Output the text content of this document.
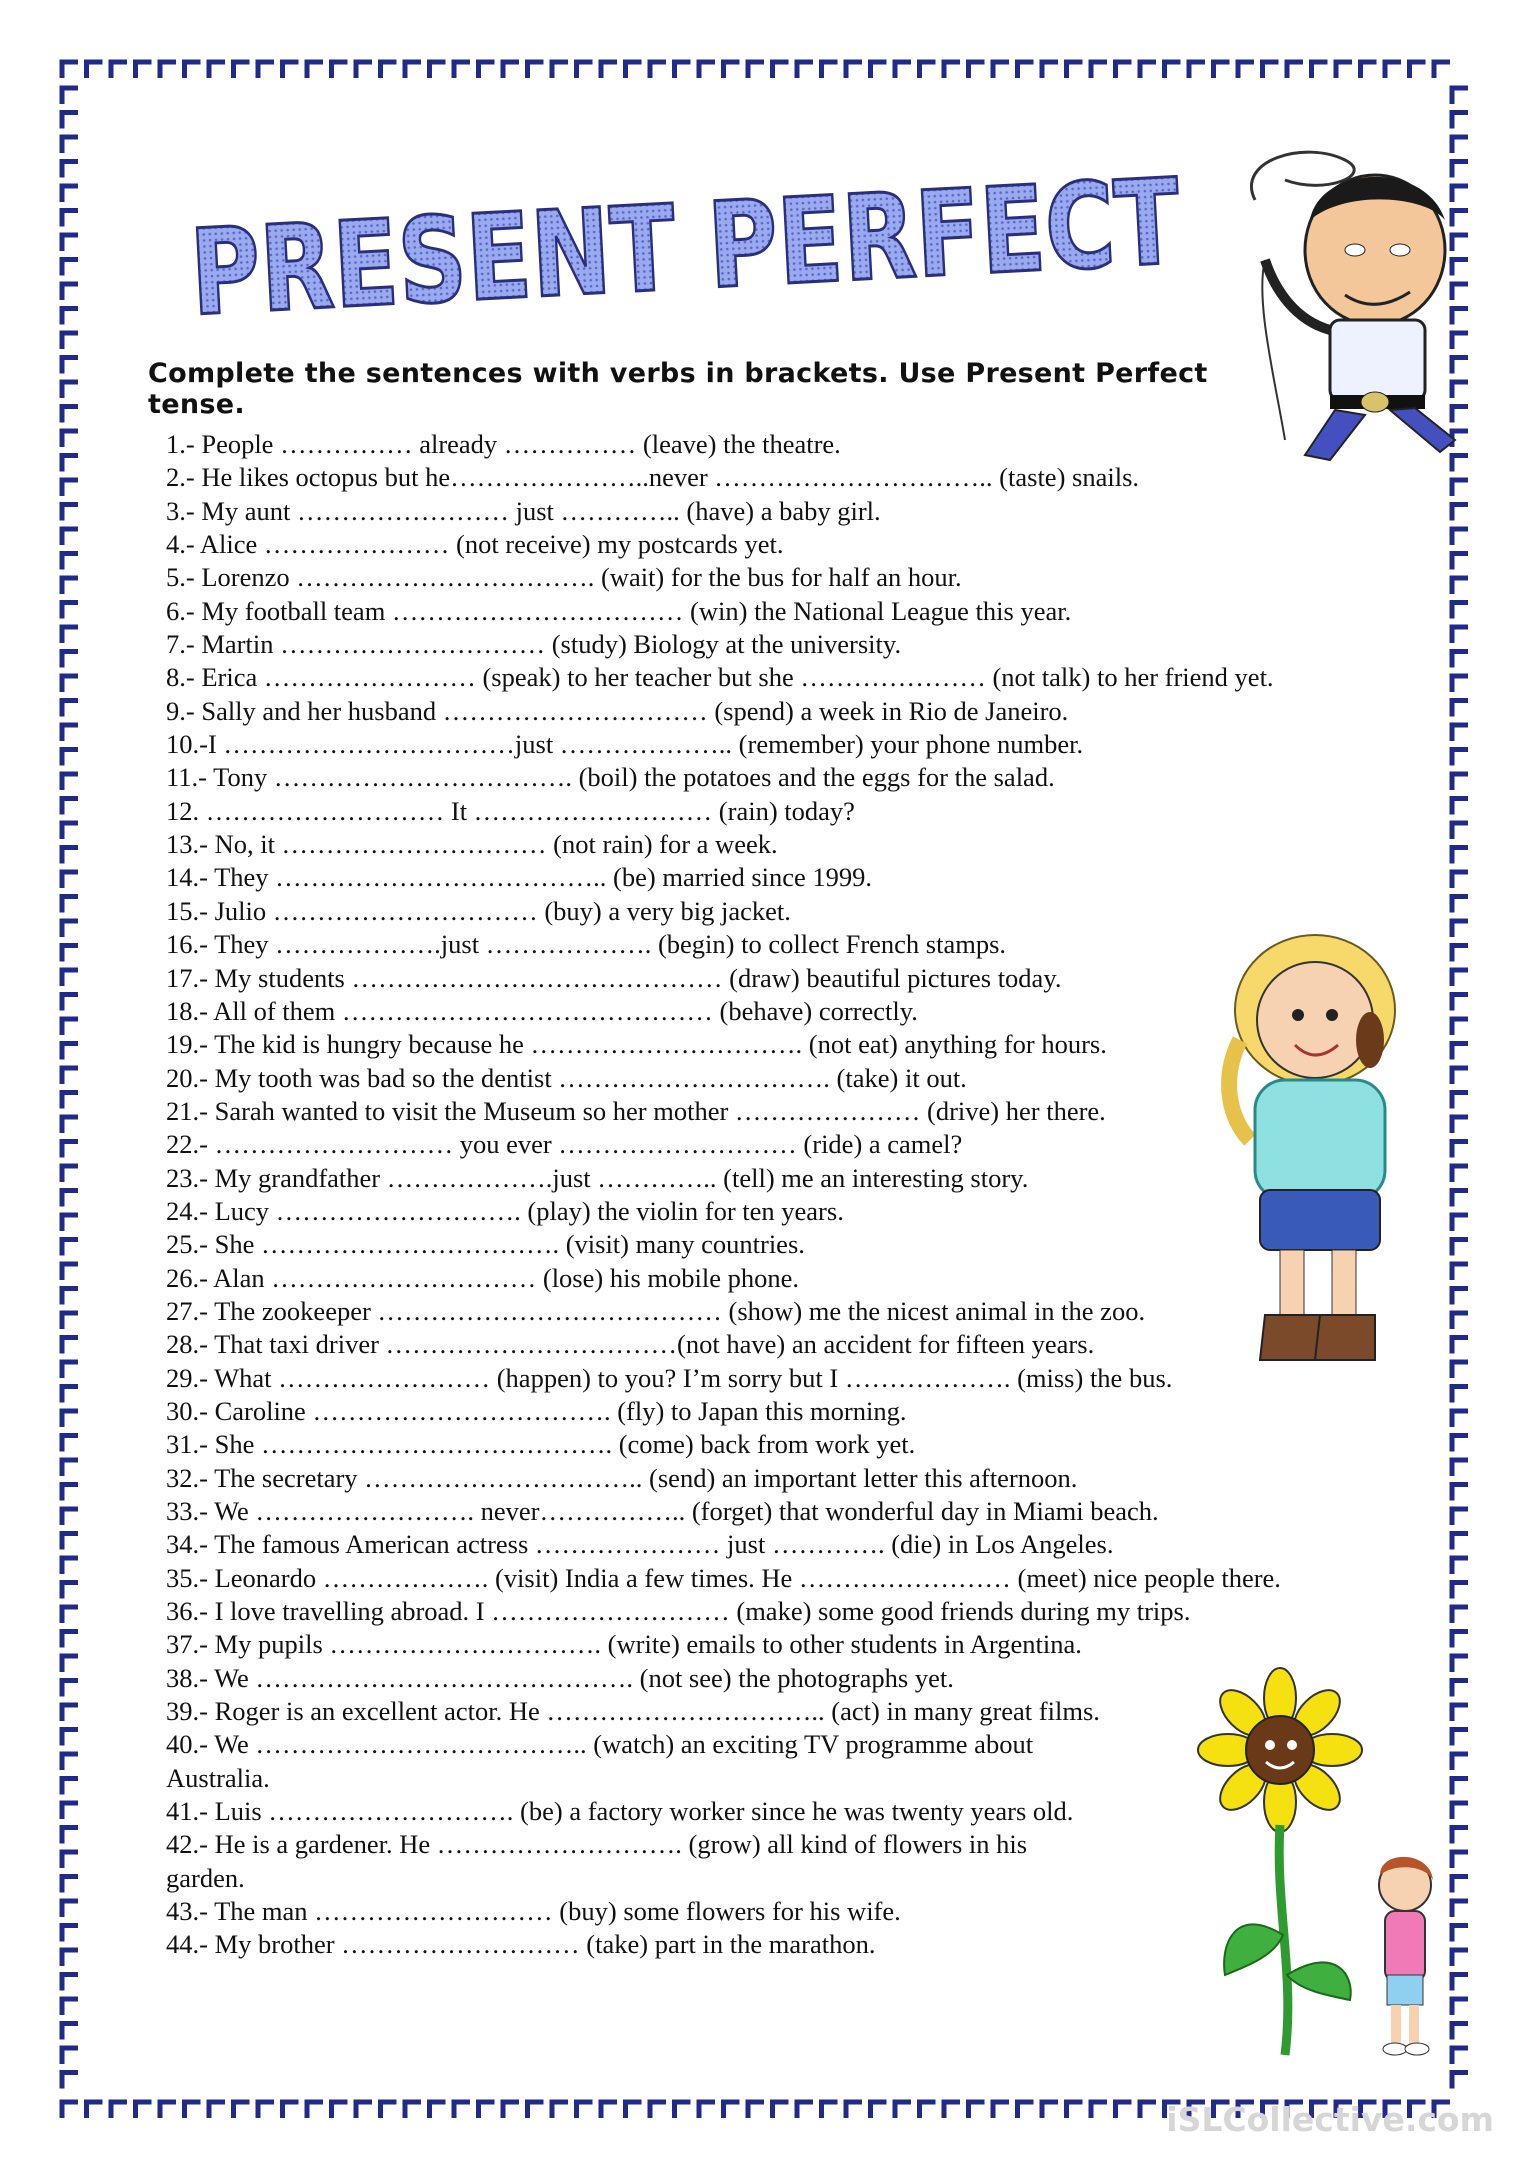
PRESENT PERFECT
Complete the sentences with verbs in brackets. Use Present Perfect tense.
1.- People …………… already …………… (leave) the theatre.
2.- He likes octopus but he…………………..never ………………………….. (taste) snails.
3.- My aunt …………………… just ………….. (have) a baby girl.
4.- Alice ………………… (not receive) my postcards yet.
5.- Lorenzo ……………………………. (wait) for the bus for half an hour.
6.- My football team …………………………… (win) the National League this year.
7.- Martin ………………………… (study) Biology at the university.
8.- Erica …………………… (speak) to her teacher but she ………………… (not talk) to her friend yet.
9.- Sally and her husband ………………………… (spend) a week in Rio de Janeiro.
10.-I ……………………………just ……………….. (remember) your phone number.
11.- Tony ……………………………. (boil) the potatoes and the eggs for the salad.
12. ……………………… It ……………………… (rain) today?
13.- No, it ………………………… (not rain) for a week.
14.- They ……………………………….. (be) married since 1999.
15.- Julio ………………………… (buy) a very big jacket.
16.- They ……………….just ………………. (begin) to collect French stamps.
17.- My students …………………………………… (draw) beautiful pictures today.
18.- All of them …………………………………… (behave) correctly.
19.- The kid is hungry because he …………………………. (not eat) anything for hours.
20.- My tooth was bad so the dentist …………………………. (take) it out.
21.- Sarah wanted to visit the Museum so her mother ………………… (drive) her there.
22.- ……………………… you ever ……………………… (ride) a camel?
23.- My grandfather ……………….just ………….. (tell) me an interesting story.
24.- Lucy ………………………. (play) the violin for ten years.
25.- She ……………………………. (visit) many countries.
26.- Alan ………………………… (lose) his mobile phone.
27.- The zookeeper ………………………………… (show) me the nicest animal in the zoo.
28.- That taxi driver ……………………………(not have) an accident for fifteen years.
29.- What …………………… (happen) to you? I’m sorry but I ………………. (miss) the bus.
30.- Caroline ……………………………. (fly) to Japan this morning.
31.- She …………………………………. (come) back from work yet.
32.- The secretary ………………………….. (send) an important letter this afternoon.
33.- We ……………………. never…………….. (forget) that wonderful day in Miami beach.
34.- The famous American actress ………………… just …………. (die) in Los Angeles.
35.- Leonardo ………………. (visit) India a few times. He …………………… (meet) nice people there.
36.- I love travelling abroad. I ……………………… (make) some good friends during my trips.
37.- My pupils …………………………. (write) emails to other students in Argentina.
38.- We ……………………………………. (not see) the photographs yet.
39.- Roger is an excellent actor. He ………………………….. (act) in many great films.
40.- We ……………………………….. (watch) an exciting TV programme about
Australia.
41.- Luis ………………………. (be) a factory worker since he was twenty years old.
42.- He is a gardener. He ………………………. (grow) all kind of flowers in his
garden.
43.- The man ……………………… (buy) some flowers for his wife.
44.- My brother ……………………… (take) part in the marathon.
iSLCollective.com
